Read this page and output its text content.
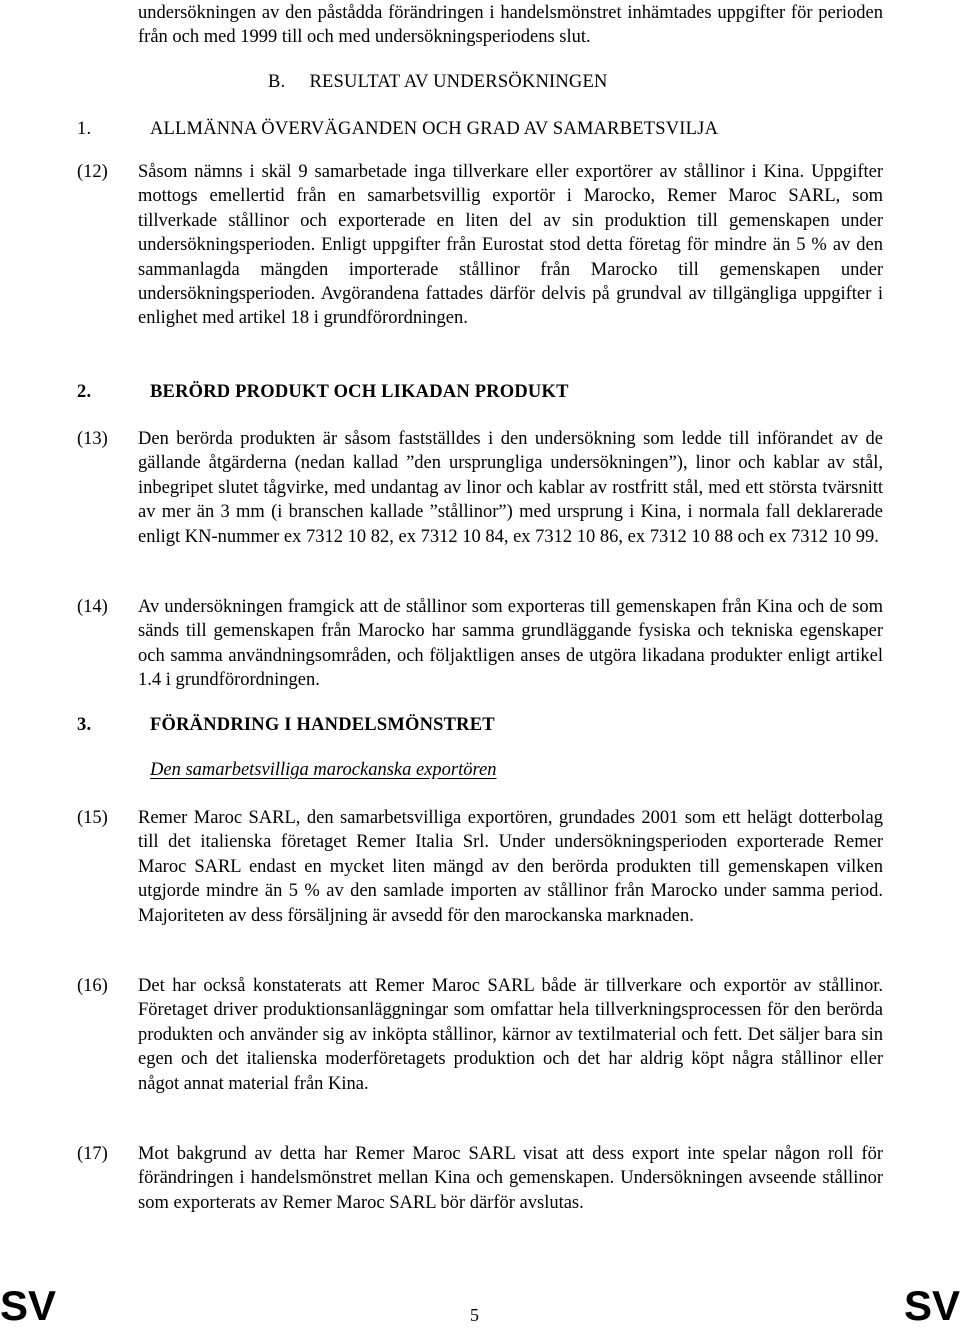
undersökningen av den påstådda förändringen i handelsmönstret inhämtades uppgifter för perioden från och med 1999 till och med undersökningsperiodens slut.
B. RESULTAT AV UNDERSÖKNINGEN
1.	ALLMÄNNA ÖVERVÄGANDEN OCH GRAD AV SAMARBETSVILJA
(12) Såsom nämns i skäl 9 samarbetade inga tillverkare eller exportörer av stållinor i Kina. Uppgifter mottogs emellertid från en samarbetsvillig exportör i Marocko, Remer Maroc SARL, som tillverkade stållinor och exporterade en liten del av sin produktion till gemenskapen under undersökningsperioden. Enligt uppgifter från Eurostat stod detta företag för mindre än 5 % av den sammanlagda mängden importerade stållinor från Marocko till gemenskapen under undersökningsperioden. Avgörandena fattades därför delvis på grundval av tillgängliga uppgifter i enlighet med artikel 18 i grundförordningen.
2.	BERÖRD PRODUKT OCH LIKADAN PRODUKT
(13) Den berörda produkten är såsom fastställdes i den undersökning som ledde till införandet av de gällande åtgärderna (nedan kallad ”den ursprungliga undersökningen”), linor och kablar av stål, inbegripet slutet tågvirke, med undantag av linor och kablar av rostfritt stål, med ett största tvärsnitt av mer än 3 mm (i branschen kallade ”stållinor”) med ursprung i Kina, i normala fall deklarerade enligt KN-nummer ex 7312 10 82, ex 7312 10 84, ex 7312 10 86, ex 7312 10 88 och ex 7312 10 99.
(14) Av undersökningen framgick att de stållinor som exporteras till gemenskapen från Kina och de som sänds till gemenskapen från Marocko har samma grundläggande fysiska och tekniska egenskaper och samma användningsområden, och följaktligen anses de utgöra likadana produkter enligt artikel 1.4 i grundförordningen.
3.	FÖRÄNDRING I HANDELSMÖNSTRET
Den samarbetsvilliga marockanska exportören
(15) Remer Maroc SARL, den samarbetsvilliga exportören, grundades 2001 som ett helägt dotterbolag till det italienska företaget Remer Italia Srl. Under undersökningsperioden exporterade Remer Maroc SARL endast en mycket liten mängd av den berörda produkten till gemenskapen vilken utgjorde mindre än 5 % av den samlade importen av stållinor från Marocko under samma period. Majoriteten av dess försäljning är avsedd för den marockanska marknaden.
(16) Det har också konstaterats att Remer Maroc SARL både är tillverkare och exportör av stållinor. Företaget driver produktionsanläggningar som omfattar hela tillverkningsprocessen för den berörda produkten och använder sig av inköpta stållinor, kärnor av textilmaterial och fett. Det säljer bara sin egen och det italienska moderföretagets produktion och det har aldrig köpt några stållinor eller något annat material från Kina.
(17) Mot bakgrund av detta har Remer Maroc SARL visat att dess export inte spelar någon roll för förändringen i handelsmönstret mellan Kina och gemenskapen. Undersökningen avseende stållinor som exporterats av Remer Maroc SARL bör därför avslutas.
SV	5	SV
